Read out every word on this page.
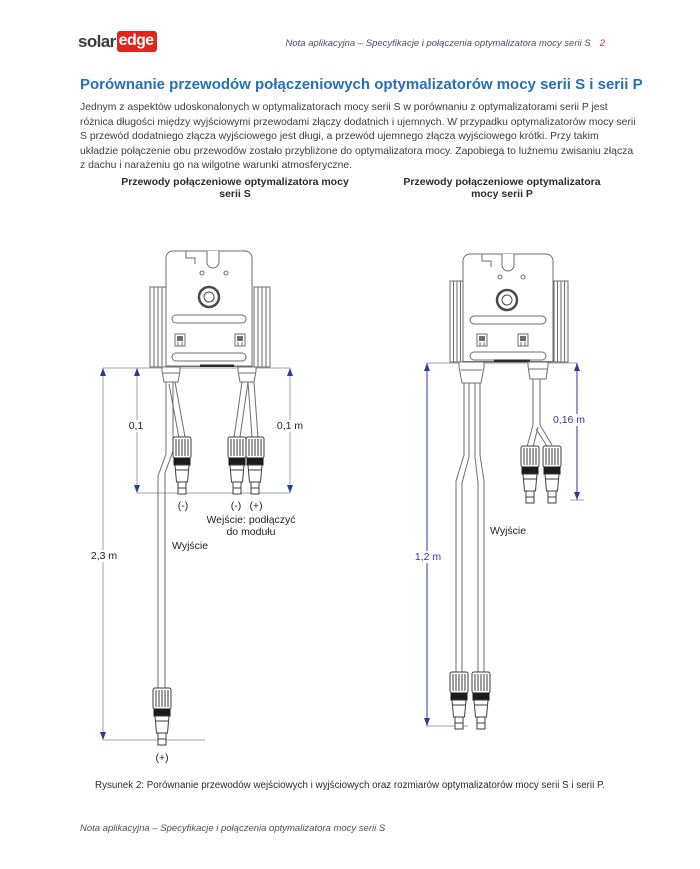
solar edge	Nota aplikacyjna – Specyfikacje i połączenia optymalizatora mocy serii S 2
Porównanie przewodów połączeniowych optymalizatorów mocy serii S i serii P
Jednym z aspektów udoskonalonych w optymalizatorach mocy serii S w porównaniu z optymalizatorami serii P jest różnica długości między wyjściowymi przewodami złączy dodatnich i ujemnych. W przypadku optymalizatorów mocy serii S przewód dodatniego złącza wyjściowego jest długi, a przewód ujemnego złącza wyjściowego krótki. Przy takim układzie połączenie obu przewodów zostało przybliżone do optymalizatora mocy. Zapobiega to luźnemu zwisaniu złącza z dachu i narażeniu go na wilgotne warunki atmosferyczne.
Przewody połączeniowe optymalizatora mocy serii S
Przewody połączeniowe optymalizatora mocy serii P
0,1	0,1 m
(-)	(-) (+)
Wejście: podłączyć
do modułu
Wyjście
2,3 m
(+)
0,16 m
Wyjście
1,2 m
Rysunek 2: Porównanie przewodów wejściowych i wyjściowych oraz rozmiarów optymalizatorów mocy serii S i serii P.
Nota aplikacyjna – Specyfikacje i połączenia optymalizatora mocy serii S
